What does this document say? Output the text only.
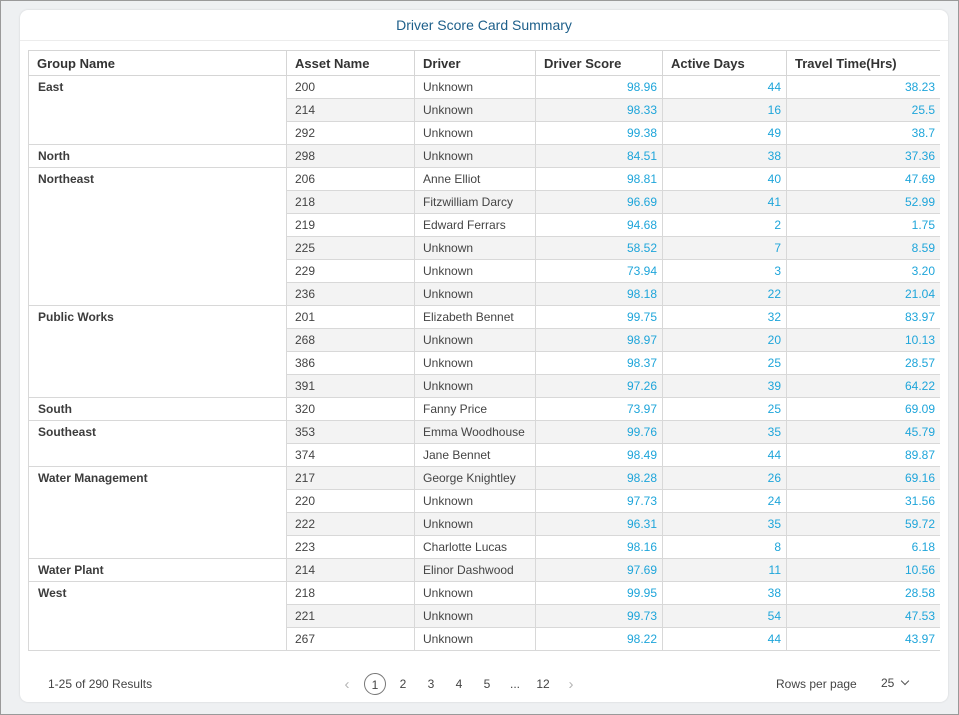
Driver Score Card Summary
Group Name	Asset Name	Driver	Driver Score	Active Days	Travel Time(Hrs)
East	200	Unknown	98.96	44	38.23
	214	Unknown	98.33	16	25.5
	292	Unknown	99.38	49	38.7
North	298	Unknown	84.51	38	37.36
Northeast	206	Anne Elliot	98.81	40	47.69
	218	Fitzwilliam Darcy	96.69	41	52.99
	219	Edward Ferrars	94.68	2	1.75
	225	Unknown	58.52	7	8.59
	229	Unknown	73.94	3	3.20
	236	Unknown	98.18	22	21.04
Public Works	201	Elizabeth Bennet	99.75	32	83.97
	268	Unknown	98.97	20	10.13
	386	Unknown	98.37	25	28.57
	391	Unknown	97.26	39	64.22
South	320	Fanny Price	73.97	25	69.09
Southeast	353	Emma Woodhouse	99.76	35	45.79
	374	Jane Bennet	98.49	44	89.87
Water Management	217	George Knightley	98.28	26	69.16
	220	Unknown	97.73	24	31.56
	222	Unknown	96.31	35	59.72
	223	Charlotte Lucas	98.16	8	6.18
Water Plant	214	Elinor Dashwood	97.69	11	10.56
West	218	Unknown	99.95	38	28.58
	221	Unknown	99.73	54	47.53
	267	Unknown	98.22	44	43.97
1-25 of 290 Results	‹	1	2	3	4	5	...	12	›	Rows per page 25
